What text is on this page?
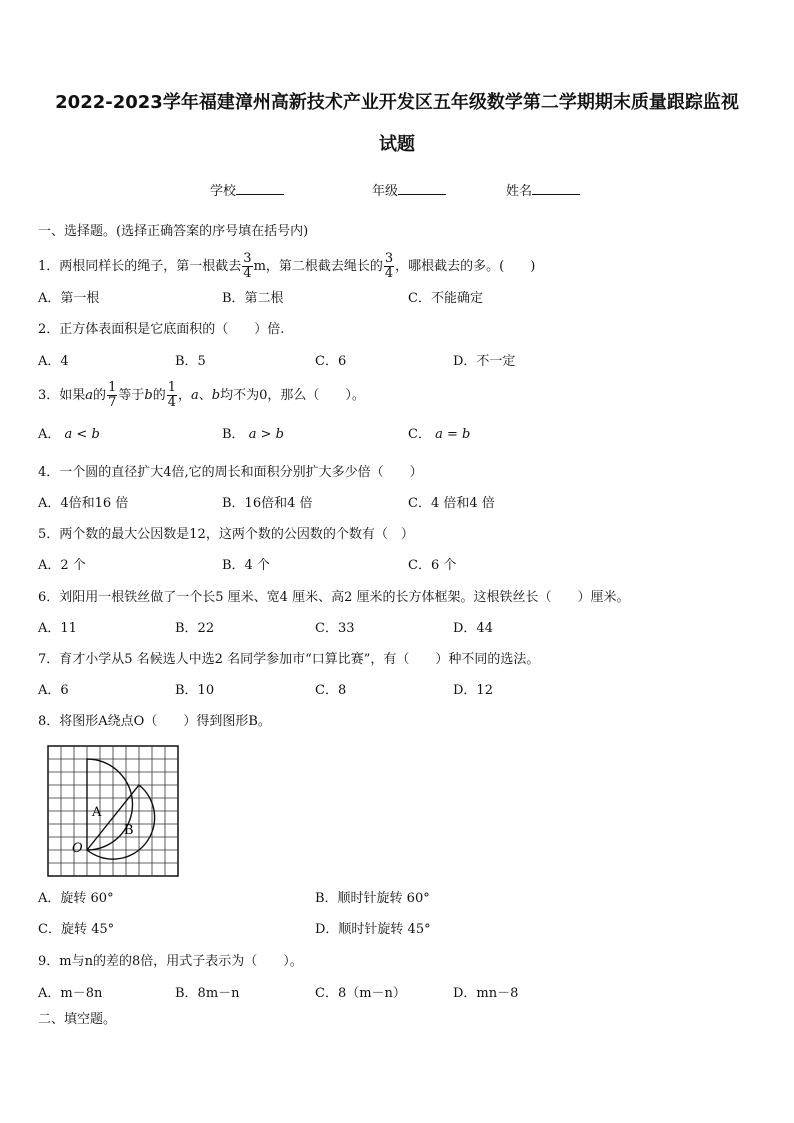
2022-2023学年福建漳州高新技术产业开发区五年级数学第二学期期末质量跟踪监视
试题
学校	年级	姓名
一、选择题。(选择正确答案的序号填在括号内)
1．两根同样长的绳子，第一根截去 $\frac{3}{4}$ m，第二根截去绳长的 $\frac{3}{4}$ ，哪根截去的多。(　　)
A．第一根	B．第二根	C．不能确定
2．正方体表面积是它底面积的（　　）倍.
A．4	B．5	C．6	D．不一定
3．如果a的 $\frac{1}{7}$ 等于b的 $\frac{1}{4}$ ，a、b均不为0，那么（　　）。
A． a < b	B． a > b	C． a = b
4．一个圆的直径扩大4倍,它的周长和面积分别扩大多少倍（　　）
A．4倍和16 倍	B．16倍和4 倍	C．4 倍和4 倍
5．两个数的最大公因数是12，这两个数的公因数的个数有（　）
A．2 个	B．4 个	C．6 个
6．刘阳用一根铁丝做了一个长5 厘米、宽4 厘米、高2 厘米的长方体框架。这根铁丝长（　　）厘米。
A．11	B．22	C．33	D．44
7．育才小学从5 名候选人中选2 名同学参加市“口算比赛”，有（　　）种不同的选法。
A．6	B．10	C．8	D．12
8．将图形A绕点O（　　）得到图形B。
A
B
O
A．旋转 60°	B．顺时针旋转 60°
C．旋转 45°	D．顺时针旋转 45°
9．m与n的差的8倍，用式子表示为（　　）。
A．m－8n	B．8m－n	C．8（m－n）	D．mn－8
二、填空题。
